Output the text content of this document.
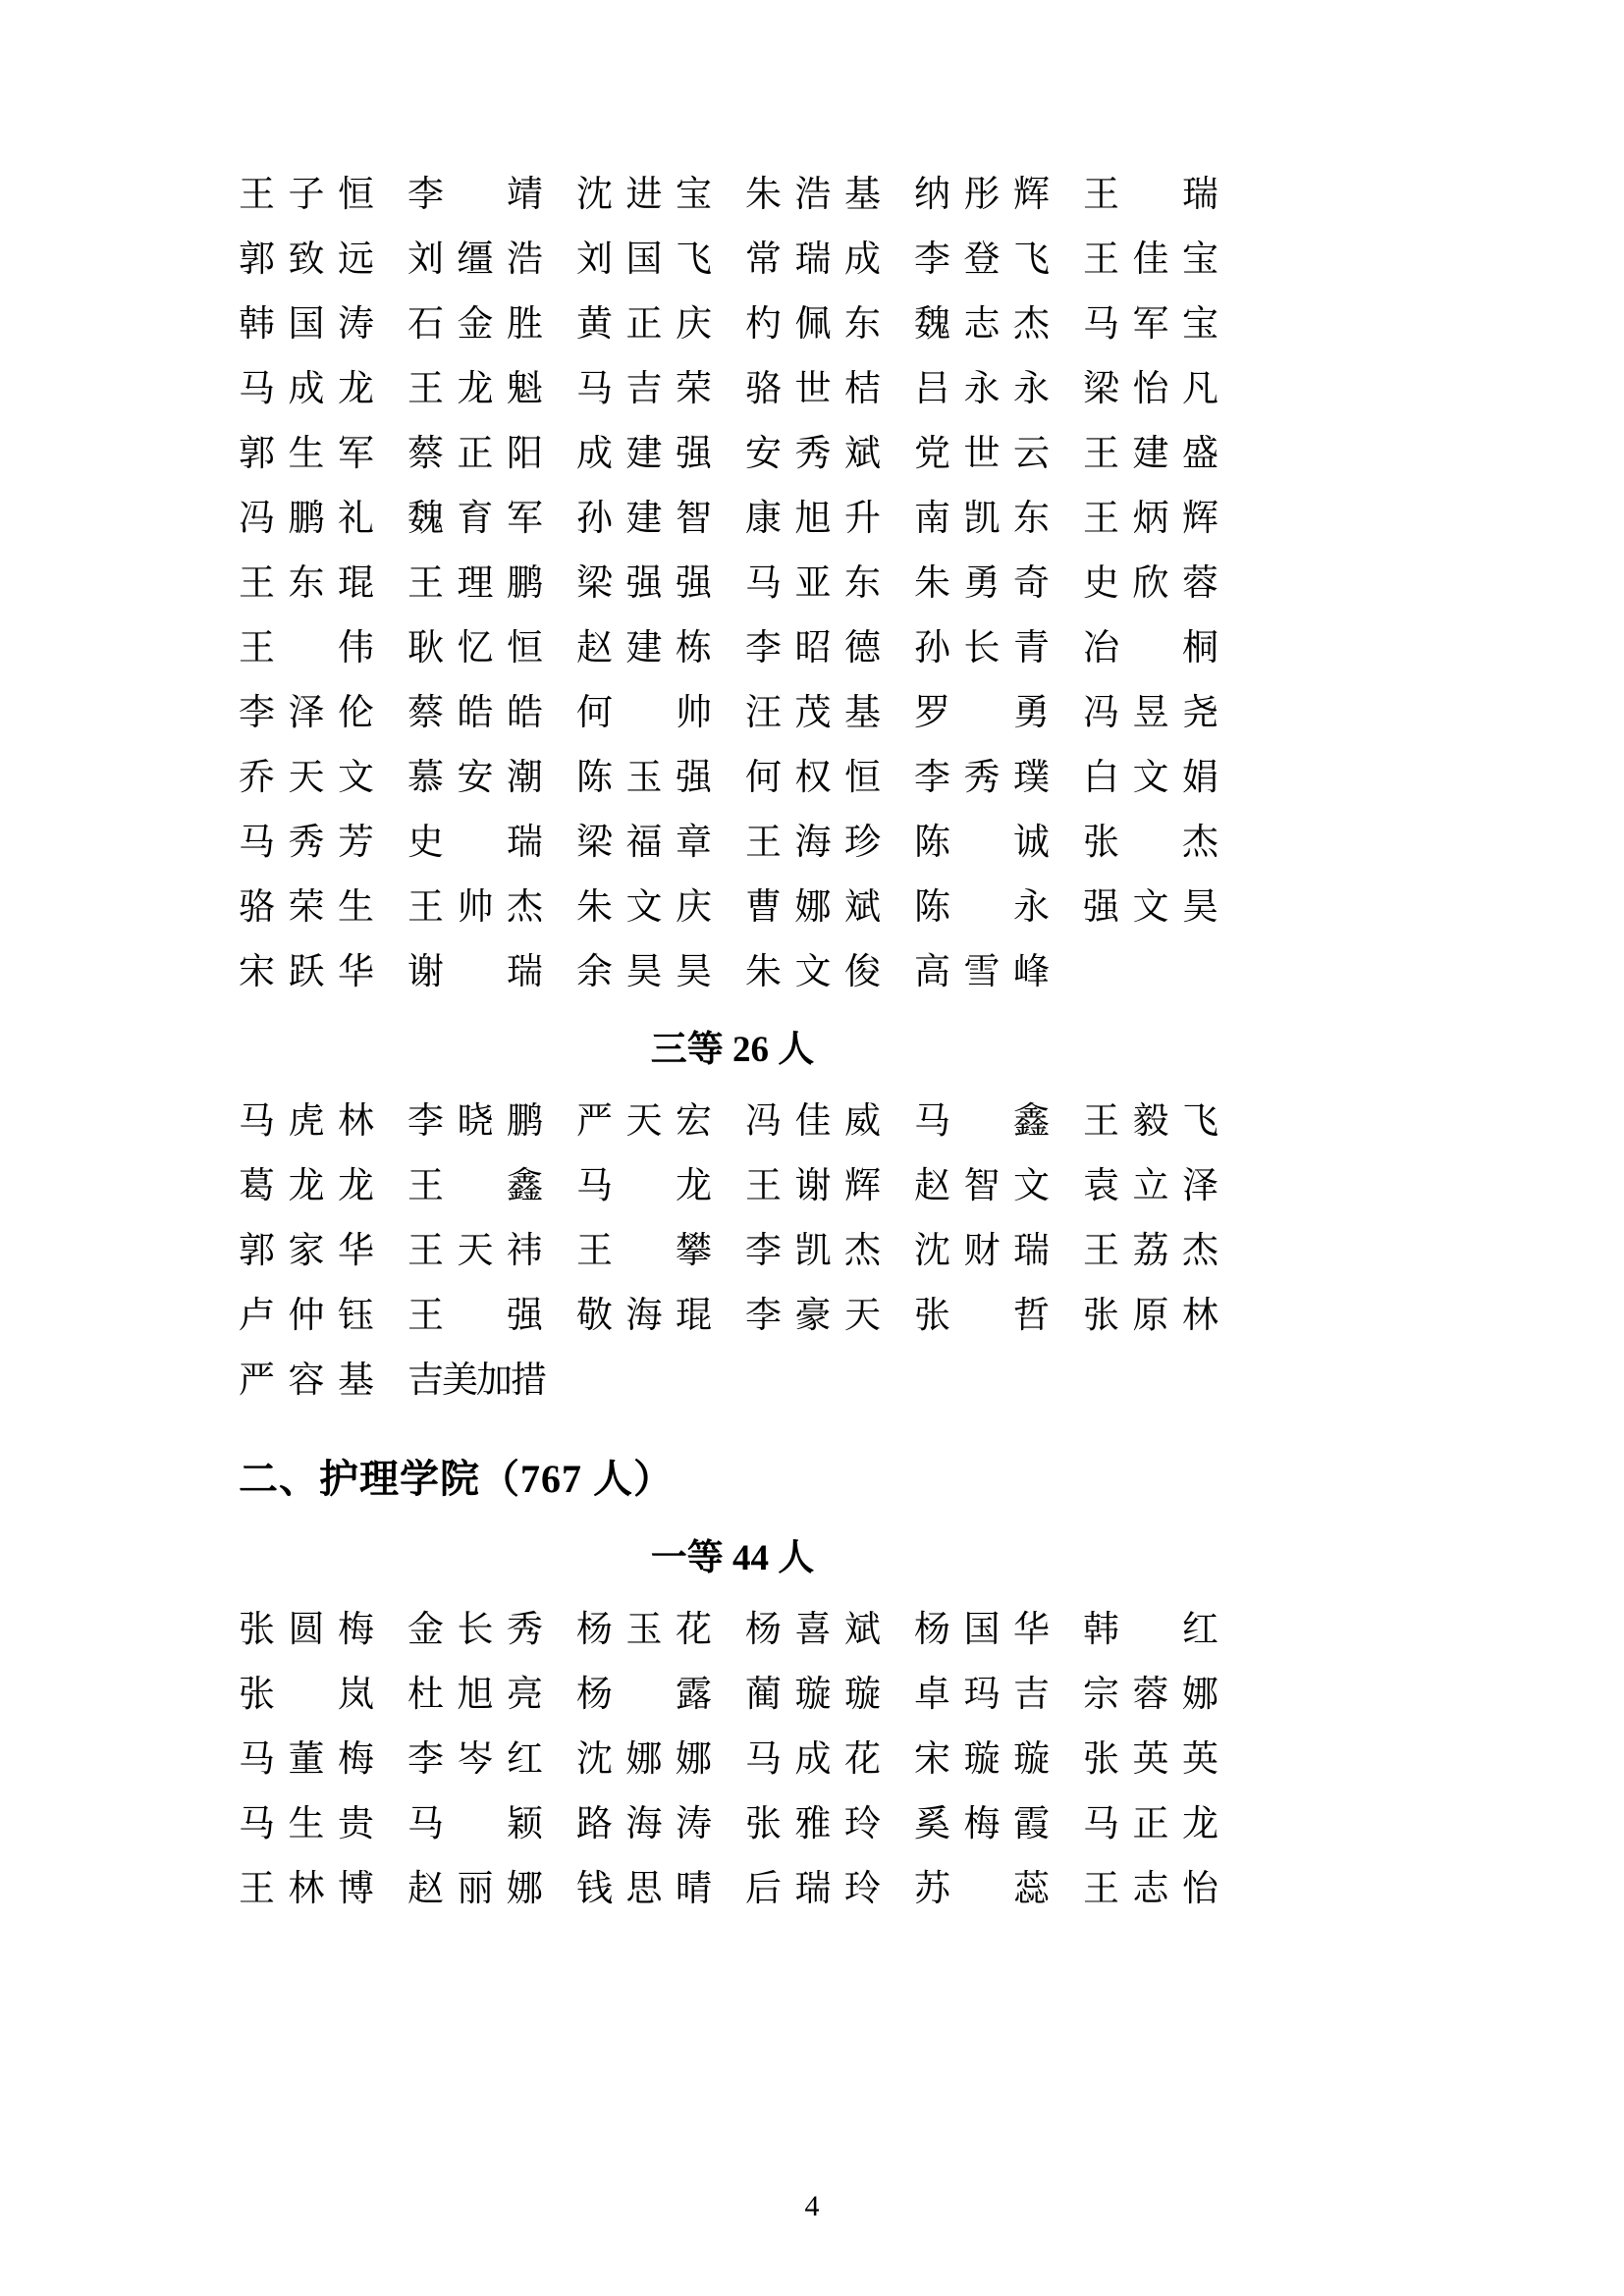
王 子 恒 李 靖 沈 进 宝 朱 浩 基 纳 彤 辉 王 瑞
郭 致 远 刘 缰 浩 刘 国 飞 常 瑞 成 李 登 飞 王 佳 宝
韩 国 涛 石 金 胜 黄 正 庆 杓 佩 东 魏 志 杰 马 军 宝
马 成 龙 王 龙 魁 马 吉 荣 骆 世 桔 吕 永 永 梁 怡 凡
郭 生 军 蔡 正 阳 成 建 强 安 秀 斌 党 世 云 王 建 盛
冯 鹏 礼 魏 育 军 孙 建 智 康 旭 升 南 凯 东 王 炳 辉
王 东 琨 王 理 鹏 梁 强 强 马 亚 东 朱 勇 奇 史 欣 蓉
王 伟 耿 忆 恒 赵 建 栋 李 昭 德 孙 长 青 冶 桐
李 泽 伦 蔡 皓 皓 何 帅 汪 茂 基 罗 勇 冯 昱 尧
乔 天 文 慕 安 潮 陈 玉 强 何 权 恒 李 秀 璞 白 文 娟
马 秀 芳 史 瑞 梁 福 章 王 海 珍 陈 诚 张 杰
骆 荣 生 王 帅 杰 朱 文 庆 曹 娜 斌 陈 永 强 文 昊
宋 跃 华 谢 瑞 余 昊 昊 朱 文 俊 高 雪 峰
三等 26 人
马 虎 林 李 晓 鹏 严 天 宏 冯 佳 威 马 鑫 王 毅 飞
葛 龙 龙 王 鑫 马 龙 王 谢 辉 赵 智 文 袁 立 泽
郭 家 华 王 天 祎 王 攀 李 凯 杰 沈 财 瑞 王 荔 杰
卢 仲 钰 王 强 敬 海 琨 李 豪 天 张 哲 张 原 林
严 容 基 吉美加措
二、护理学院（767 人）
一等 44 人
张 圆 梅 金 长 秀 杨 玉 花 杨 喜 斌 杨 国 华 韩 红
张 岚 杜 旭 亮 杨 露 蔺 璇 璇 卓 玛 吉 宗 蓉 娜
马 董 梅 李 岑 红 沈 娜 娜 马 成 花 宋 璇 璇 张 英 英
马 生 贵 马 颖 路 海 涛 张 雅 玲 奚 梅 霞 马 正 龙
王 林 博 赵 丽 娜 钱 思 晴 后 瑞 玲 苏 蕊 王 志 怡
4
